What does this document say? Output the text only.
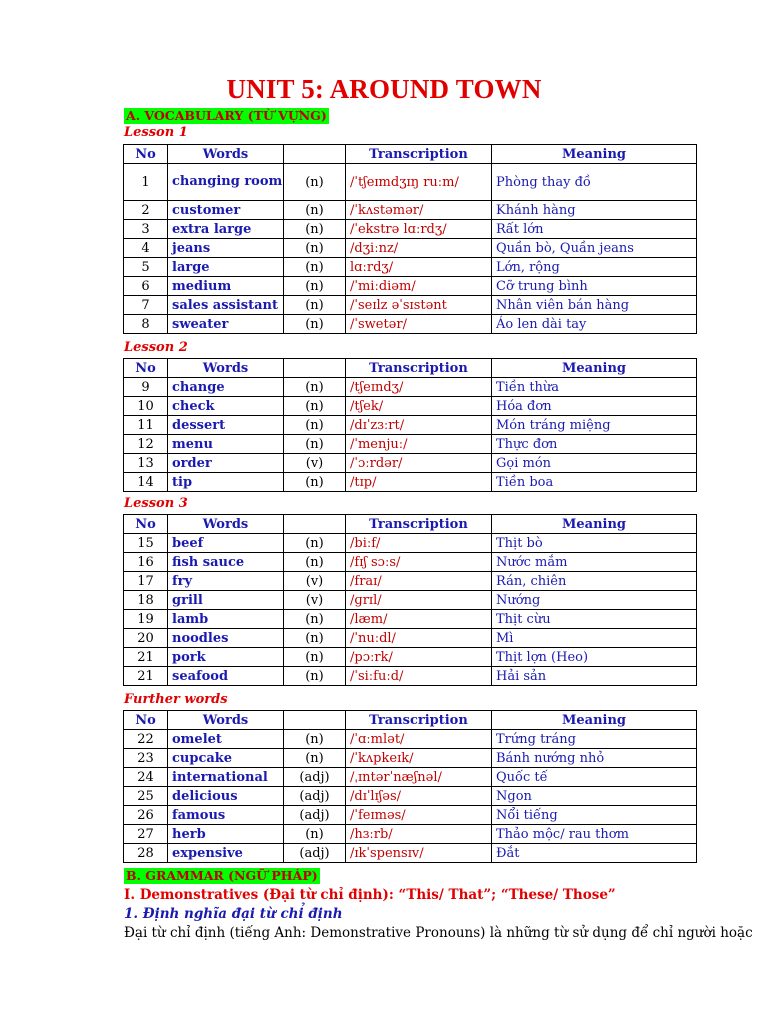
UNIT 5: AROUND TOWN
A. VOCABULARY (TỪ VỰNG)
Lesson 1
No	Words		Transcription	Meaning
1	changing room	(n)	/ˈtʃeɪmdʒɪŋ ruːm/	Phòng thay đồ
2	customer	(n)	/ˈkʌstəmər/	Khánh hàng
3	extra large	(n)	/ˈekstrə lɑːrdʒ/	Rất lớn
4	jeans	(n)	/dʒiːnz/	Quần bò, Quần jeans
5	large	(n)	lɑːrdʒ/	Lớn, rộng
6	medium	(n)	/ˈmiːdiəm/	Cỡ trung bình
7	sales assistant	(n)	/ˈseɪlz əˈsɪstənt	Nhân viên bán hàng
8	sweater	(n)	/ˈswetər/	Áo len dài tay
Lesson 2
No	Words		Transcription	Meaning
9	change	(n)	/tʃeɪndʒ/	Tiền thừa
10	check	(n)	/tʃek/	Hóa đơn
11	dessert	(n)	/dɪˈzɜːrt/	Món tráng miệng
12	menu	(n)	/ˈmenjuː/	Thực đơn
13	order	(v)	/ˈɔːrdər/	Gọi món
14	tip	(n)	/tɪp/	Tiền boa
Lesson 3
No	Words		Transcription	Meaning
15	beef	(n)	/biːf/	Thịt bò
16	fish sauce	(n)	/fɪʃ sɔːs/	Nước mắm
17	fry	(v)	/fraɪ/	Rán, chiên
18	grill	(v)	/ɡrɪl/	Nướng
19	lamb	(n)	/læm/	Thịt cừu
20	noodles	(n)	/ˈnuːdl/	Mì
21	pork	(n)	/pɔːrk/	Thịt lợn (Heo)
21	seafood	(n)	/ˈsiːfuːd/	Hải sản
Further words
No	Words		Transcription	Meaning
22	omelet	(n)	/ˈɑːmlət/	Trứng tráng
23	cupcake	(n)	/ˈkʌpkeɪk/	Bánh nướng nhỏ
24	international	(adj)	/ˌɪntərˈnæʃnəl/	Quốc tế
25	delicious	(adj)	/dɪˈlɪʃəs/	Ngon
26	famous	(adj)	/ˈfeɪməs/	Nổi tiếng
27	herb	(n)	/hɜːrb/	Thảo mộc/ rau thơm
28	expensive	(adj)	/ɪkˈspensɪv/	Đắt
B. GRAMMAR (NGỮ PHÁP)
I. Demonstratives (Đại từ chỉ định): “This/ That”; “These/ Those”
1. Định nghĩa đại từ chỉ định
Đại từ chỉ định (tiếng Anh: Demonstrative Pronouns) là những từ sử dụng để chỉ người hoặc
